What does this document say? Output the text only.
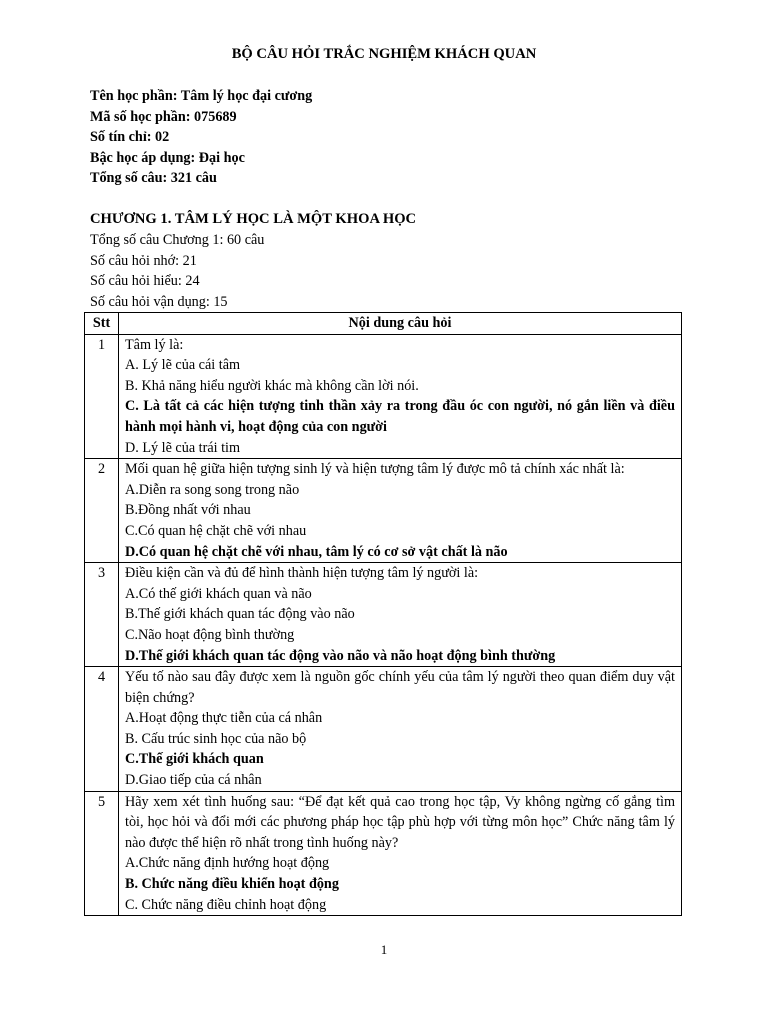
BỘ CÂU HỎI TRẮC NGHIỆM KHÁCH QUAN
Tên học phần: Tâm lý học đại cương
Mã số học phần: 075689
Số tín chỉ: 02
Bậc học áp dụng: Đại học
Tổng số câu: 321 câu
CHƯƠNG 1. TÂM LÝ HỌC LÀ MỘT KHOA HỌC
Tổng số câu Chương 1: 60 câu
Số câu hỏi nhớ: 21
Số câu hỏi hiểu: 24
Số câu hỏi vận dụng: 15
Stt	Nội dung câu hỏi
1	Tâm lý là:
A. Lý lẽ của cái tâm
B. Khả năng hiểu người khác mà không cần lời nói.
C. Là tất cả các hiện tượng tinh thần xảy ra trong đầu óc con người, nó gắn liền và điều hành mọi hành vi, hoạt động của con người
D. Lý lẽ của trái tim

2	Mối quan hệ giữa hiện tượng sinh lý và hiện tượng tâm lý được mô tả chính xác nhất là:
A.Diễn ra song song trong não
B.Đồng nhất với nhau
C.Có quan hệ chặt chẽ với nhau
D.Có quan hệ chặt chẽ với nhau, tâm lý có cơ sở vật chất là não

3	Điều kiện cần và đủ để hình thành hiện tượng tâm lý người là:
A.Có thế giới khách quan và não
B.Thế giới khách quan tác động vào não
C.Não hoạt động bình thường
D.Thế giới khách quan tác động vào não và não hoạt động bình thường

4	Yếu tố nào sau đây được xem là nguồn gốc chính yếu của tâm lý người theo quan điểm duy vật biện chứng?
A.Hoạt động thực tiễn của cá nhân
B. Cấu trúc sinh học của não bộ
C.Thế giới khách quan
D.Giao tiếp của cá nhân

5	Hãy xem xét tình huống sau: “Để đạt kết quả cao trong học tập, Vy không ngừng cố gắng tìm tòi, học hỏi và đổi mới các phương pháp học tập phù hợp với từng môn học” Chức năng tâm lý nào được thể hiện rõ nhất trong tình huống này?
A.Chức năng định hướng hoạt động
B. Chức năng điều khiển hoạt động
C. Chức năng điều chỉnh hoạt động
1
